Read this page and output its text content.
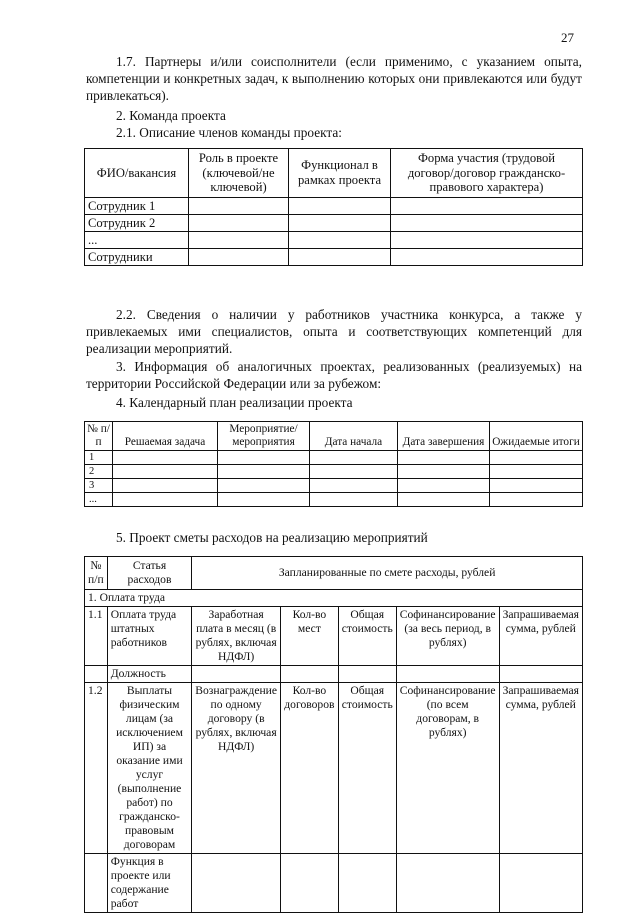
27

1.7. Партнеры и/или соисполнители (если применимо, с указанием опыта, компетенции и конкретных задач, к выполнению которых они привлекаются или будут привлекаться).

2. Команда проекта
2.1. Описание членов команды проекта:
ФИО/вакансия	Роль в проекте (ключевой/не ключевой)	Функционал в рамках проекта	Форма участия (трудовой договор/договор гражданско-правового характера)
Сотрудник 1			
Сотрудник 2			
...			
Сотрудники			

2.2. Сведения о наличии у работников участника конкурса, а также у привлекаемых ими специалистов, опыта и соответствующих компетенций для реализации мероприятий.

3. Информация об аналогичных проектах, реализованных (реализуемых) на территории Российской Федерации или за рубежом:

4. Календарный план реализации проекта
№ п/п	Решаемая задача	Мероприятие/ мероприятия	Дата начала	Дата завершения	Ожидаемые итоги
1					
2					
3					
...					
5. Проект сметы расходов на реализацию мероприятий
№ п/п	Статья расходов	Запланированные по смете расходы, рублей				
1. Оплата труда						
1.1	Оплата труда штатных работников	Заработная плата в месяц (в рублях, включая НДФЛ)	Кол-во мест	Общая стоимость	Софинансирование (за весь период, в рублях)	Запрашиваемая сумма, рублей
	Должность					
1.2	Выплаты физическим лицам (за исключением ИП) за оказание ими услуг (выполнение работ) по гражданско-правовым договорам	Вознаграждение по одному договору (в рублях, включая НДФЛ)	Кол-во договоров	Общая стоимость	Софинансирование (по всем договорам, в рублях)	Запрашиваемая сумма, рублей
	Функция в проекте или содержание работ					
